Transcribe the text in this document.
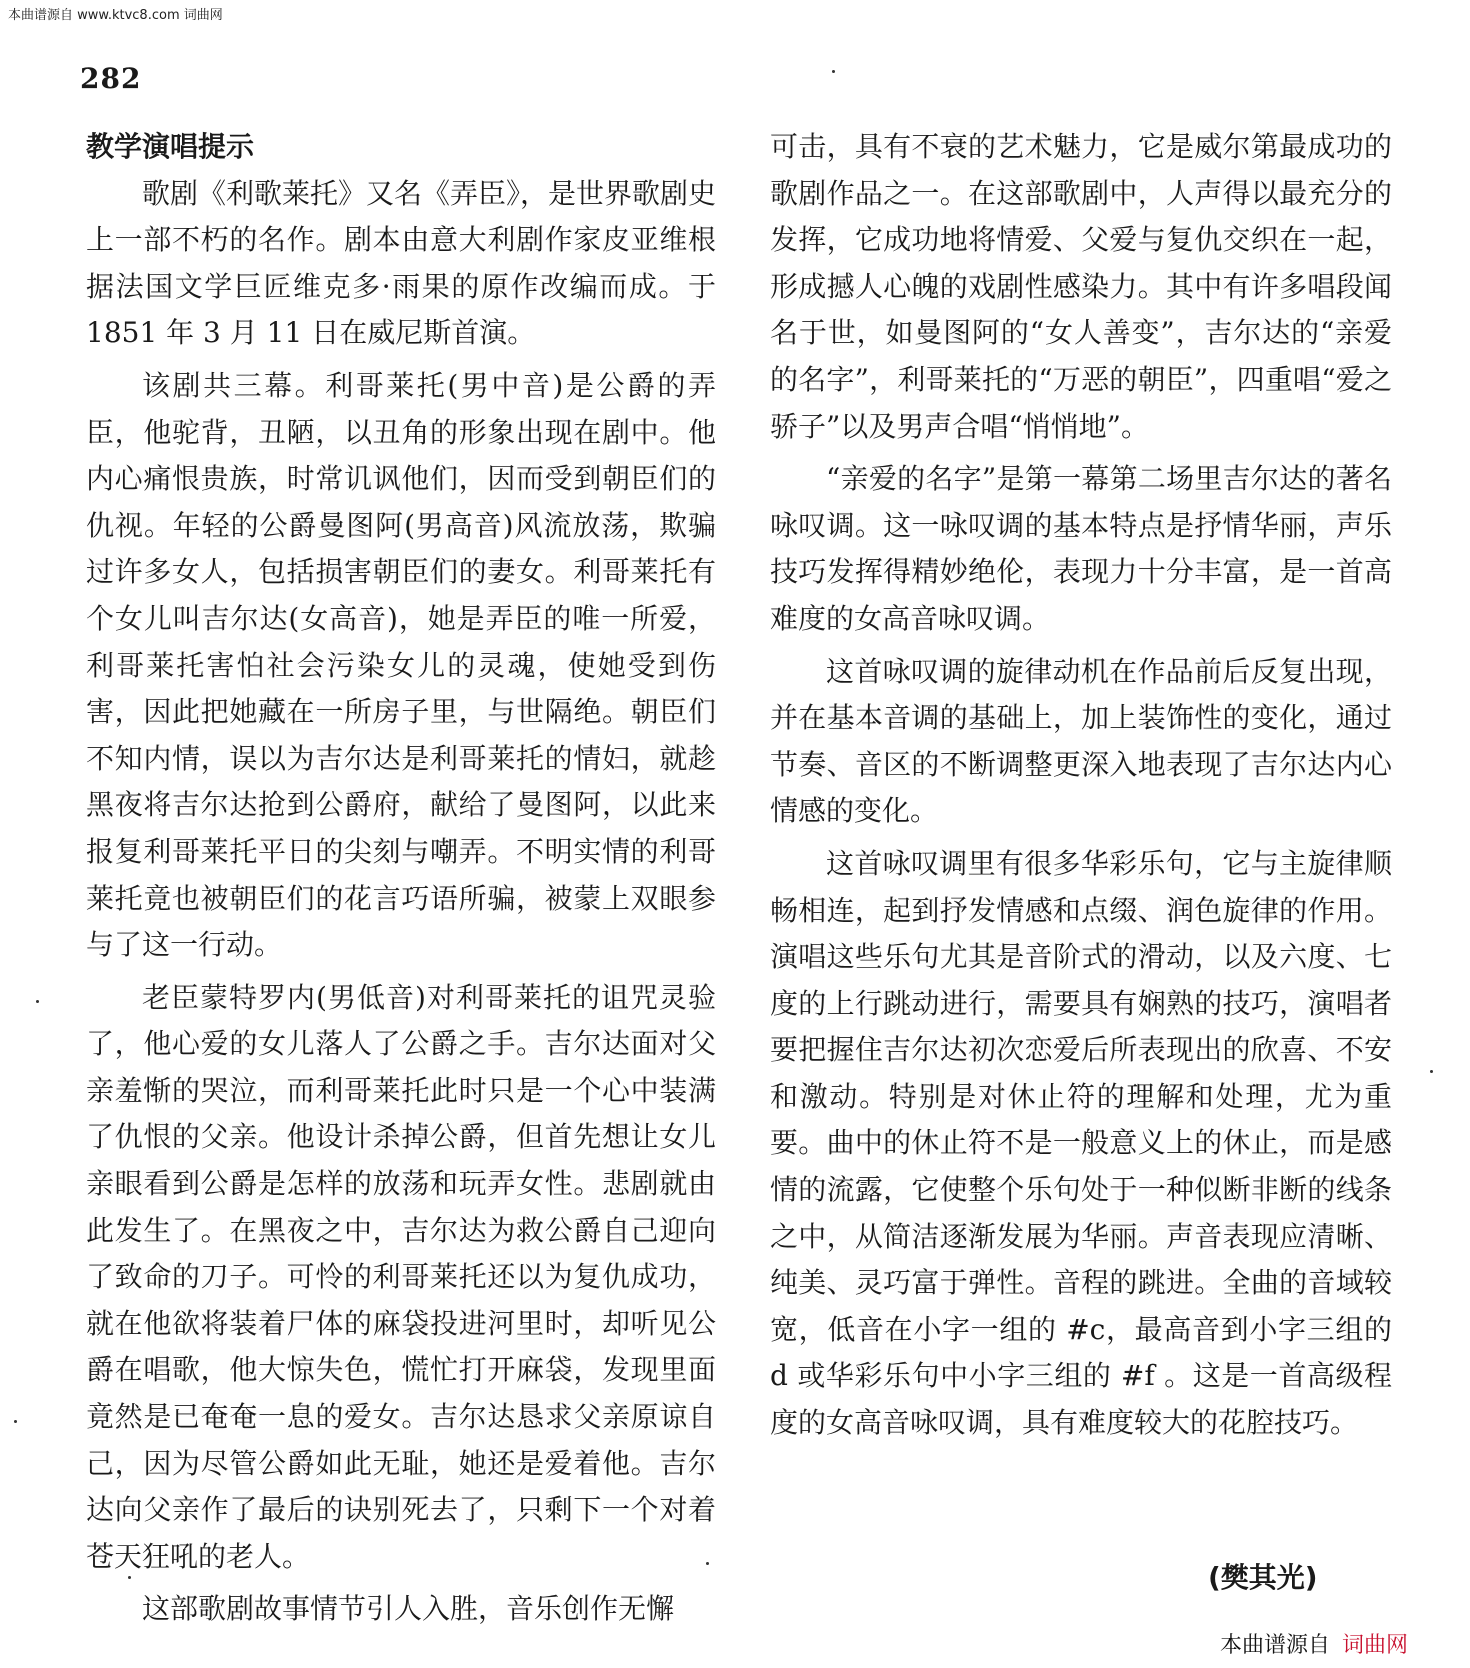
本曲谱源自 www.ktvc8.com 词曲网
282
教学演唱提示

歌剧《利歌莱托》又名《弄臣》，是世界歌剧史上一部不朽的名作。剧本由意大利剧作家皮亚维根据法国文学巨匠维克多·雨果的原作改编而成。于 1851 年 3 月 11 日在威尼斯首演。

该剧共三幕。利哥莱托(男中音)是公爵的弄臣，他驼背，丑陋，以丑角的形象出现在剧中。他内心痛恨贵族，时常讥讽他们，因而受到朝臣们的仇视。年轻的公爵曼图阿(男高音)风流放荡，欺骗过许多女人，包括损害朝臣们的妻女。利哥莱托有个女儿叫吉尔达(女高音)，她是弄臣的唯一所爱，利哥莱托害怕社会污染女儿的灵魂，使她受到伤害，因此把她藏在一所房子里，与世隔绝。朝臣们不知内情，误以为吉尔达是利哥莱托的情妇，就趁黑夜将吉尔达抢到公爵府，献给了曼图阿，以此来报复利哥莱托平日的尖刻与嘲弄。不明实情的利哥莱托竟也被朝臣们的花言巧语所骗，被蒙上双眼参与了这一行动。

老臣蒙特罗内(男低音)对利哥莱托的诅咒灵验了，他心爱的女儿落人了公爵之手。吉尔达面对父亲羞惭的哭泣，而利哥莱托此时只是一个心中装满了仇恨的父亲。他设计杀掉公爵，但首先想让女儿亲眼看到公爵是怎样的放荡和玩弄女性。悲剧就由此发生了。在黑夜之中，吉尔达为救公爵自己迎向了致命的刀子。可怜的利哥莱托还以为复仇成功，就在他欲将装着尸体的麻袋投进河里时，却听见公爵在唱歌，他大惊失色，慌忙打开麻袋，发现里面竟然是已奄奄一息的爱女。吉尔达恳求父亲原谅自己，因为尽管公爵如此无耻，她还是爱着他。吉尔达向父亲作了最后的诀别死去了，只剩下一个对着苍天狂吼的老人。

这部歌剧故事情节引人入胜，音乐创作无懈

可击，具有不衰的艺术魅力，它是威尔第最成功的歌剧作品之一。在这部歌剧中，人声得以最充分的发挥，它成功地将情爱、父爱与复仇交织在一起，形成撼人心魄的戏剧性感染力。其中有许多唱段闻名于世，如曼图阿的“女人善变”，吉尔达的“亲爱的名字”，利哥莱托的“万恶的朝臣”，四重唱“爱之骄子”以及男声合唱“悄悄地”。

“亲爱的名字”是第一幕第二场里吉尔达的著名咏叹调。这一咏叹调的基本特点是抒情华丽，声乐技巧发挥得精妙绝伦，表现力十分丰富，是一首高难度的女高音咏叹调。

这首咏叹调的旋律动机在作品前后反复出现，并在基本音调的基础上，加上装饰性的变化，通过节奏、音区的不断调整更深入地表现了吉尔达内心情感的变化。

这首咏叹调里有很多华彩乐句，它与主旋律顺畅相连，起到抒发情感和点缀、润色旋律的作用。演唱这些乐句尤其是音阶式的滑动，以及六度、七度的上行跳动进行，需要具有娴熟的技巧，演唱者要把握住吉尔达初次恋爱后所表现出的欣喜、不安和激动。特别是对休止符的理解和处理，尤为重要。曲中的休止符不是一般意义上的休止，而是感情的流露，它使整个乐句处于一种似断非断的线条之中，从简洁逐渐发展为华丽。声音表现应清晰、纯美、灵巧富于弹性。音程的跳进。全曲的音域较宽，低音在小字一组的 #c，最高音到小字三组的 d 或华彩乐句中小字三组的 #f 。这是一首高级程度的女高音咏叹调，具有难度较大的花腔技巧。

(樊其光)
本曲谱源自 词曲网
